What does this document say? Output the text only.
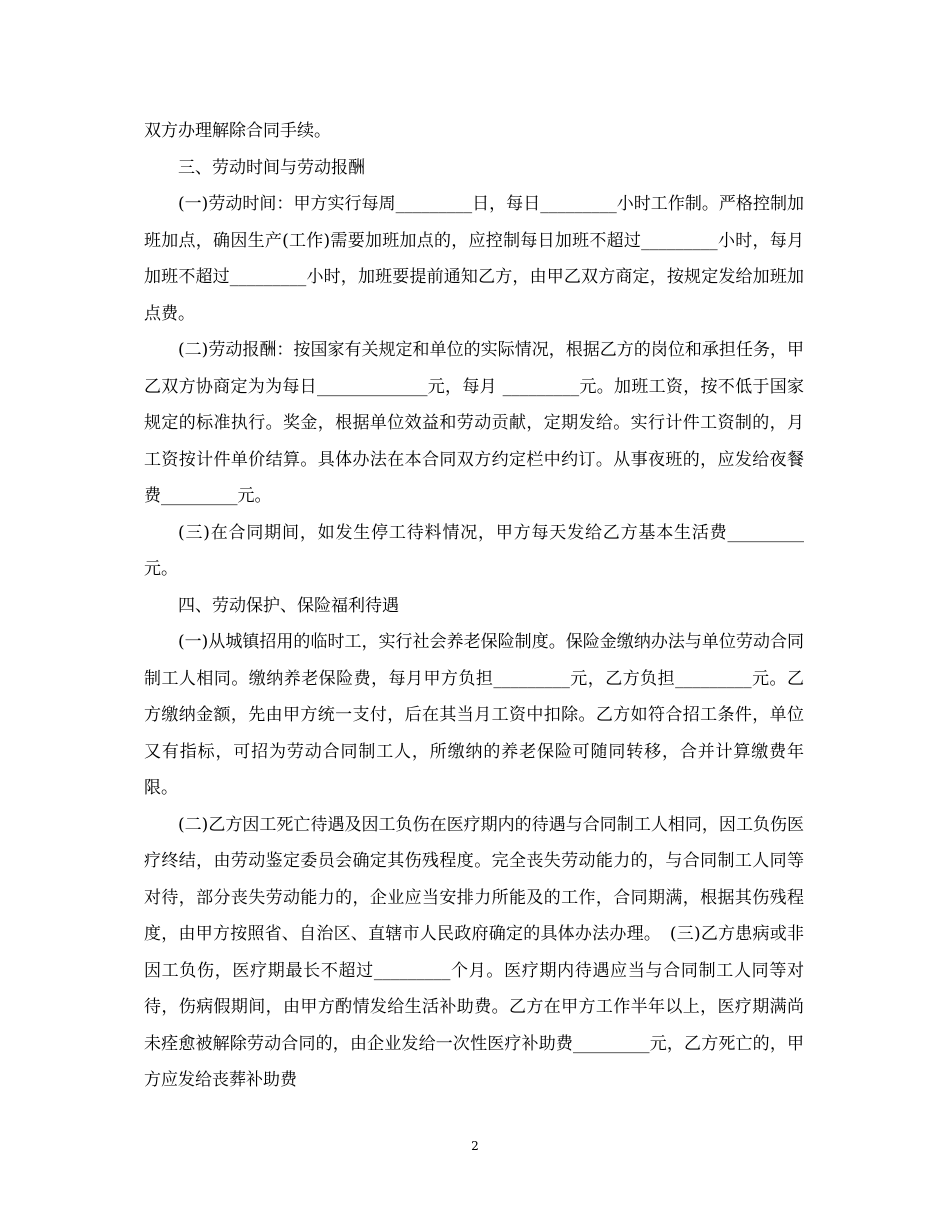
双方办理解除合同手续。

三、劳动时间与劳动报酬

(一)劳动时间：甲方实行每周_________日，每日_________小时工作制。严格控制加班加点，确因生产(工作)需要加班加点的，应控制每日加班不超过_________小时，每月加班不超过_________小时，加班要提前通知乙方，由甲乙双方商定，按规定发给加班加点费。

(二)劳动报酬：按国家有关规定和单位的实际情况，根据乙方的岗位和承担任务，甲乙双方协商定为为每日_____________元，每月 _________元。加班工资，按不低于国家规定的标准执行。奖金，根据单位效益和劳动贡献，定期发给。实行计件工资制的，月工资按计件单价结算。具体办法在本合同双方约定栏中约订。从事夜班的，应发给夜餐费_________元。

(三)在合同期间，如发生停工待料情况，甲方每天发给乙方基本生活费_________元。

四、劳动保护、保险福利待遇

(一)从城镇招用的临时工，实行社会养老保险制度。保险金缴纳办法与单位劳动合同制工人相同。缴纳养老保险费，每月甲方负担_________元，乙方负担_________元。乙方缴纳金额，先由甲方统一支付，后在其当月工资中扣除。乙方如符合招工条件，单位又有指标，可招为劳动合同制工人，所缴纳的养老保险可随同转移，合并计算缴费年限。

(二)乙方因工死亡待遇及因工负伤在医疗期内的待遇与合同制工人相同，因工负伤医疗终结，由劳动鉴定委员会确定其伤残程度。完全丧失劳动能力的，与合同制工人同等对待，部分丧失劳动能力的，企业应当安排力所能及的工作，合同期满，根据其伤残程度，由甲方按照省、自治区、直辖市人民政府确定的具体办法办理。　(三)乙方患病或非因工负伤，医疗期最长不超过_________个月。医疗期内待遇应当与合同制工人同等对待，伤病假期间，由甲方酌情发给生活补助费。乙方在甲方工作半年以上，医疗期满尚未痊愈被解除劳动合同的，由企业发给一次性医疗补助费_________元，乙方死亡的，甲方应发给丧葬补助费

2
